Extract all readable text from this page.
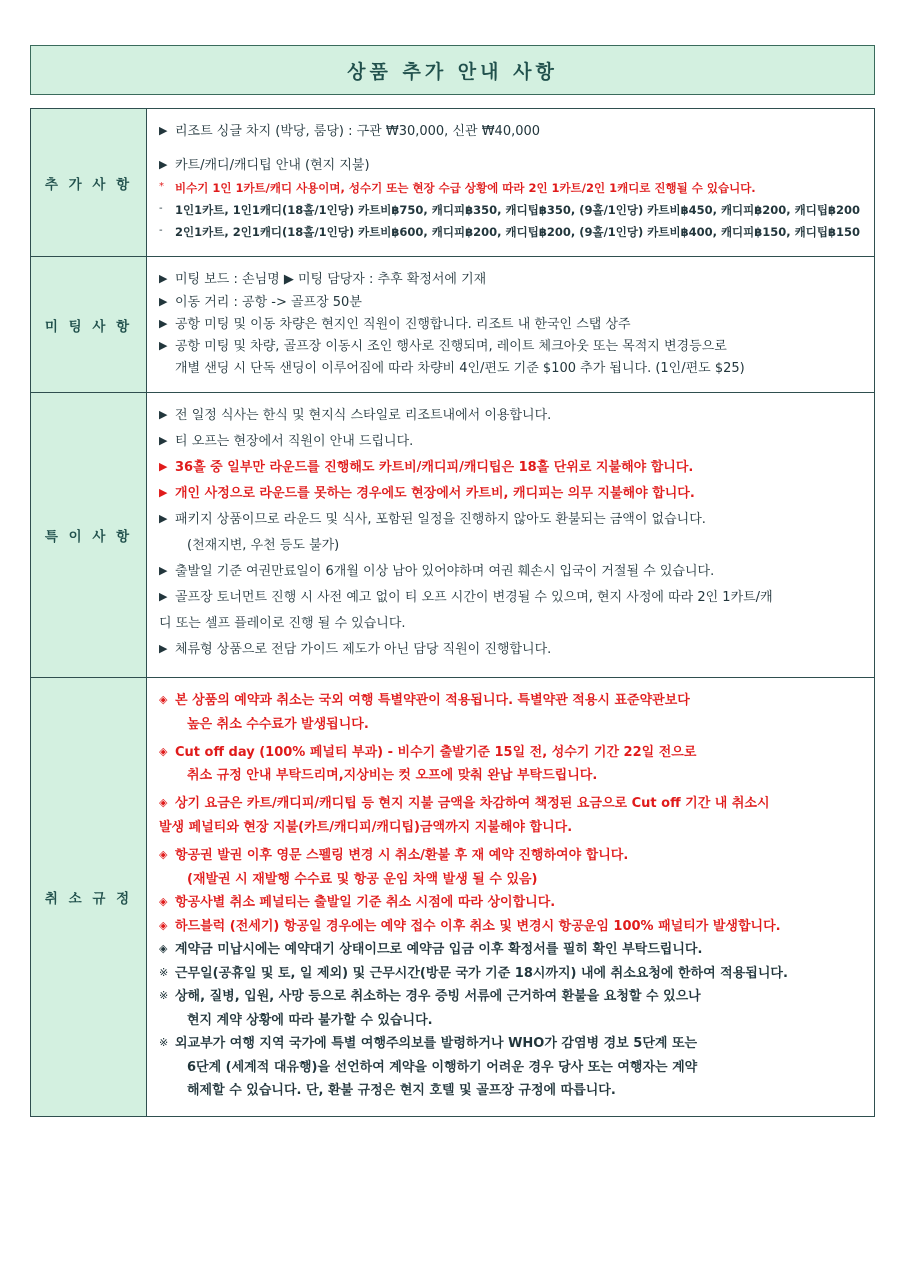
상품 추가 안내 사항
추 가 사 항
▶ 리조트 싱글 차지 (박당, 룸당) : 구관 ₩30,000, 신관 ₩40,000
▶ 카트/캐디/캐디팁 안내 (현지 지불)
* 비수기 1인 1카트/캐디 사용이며, 성수기 또는 현장 수급 상황에 따라 2인 1카트/2인 1캐디로 진행될 수 있습니다.
-	1인1카트, 1인1캐디(18홀/1인당) 카트비฿750, 캐디피฿350, 캐디팁฿350, (9홀/1인당) 카트비฿450, 캐디피฿200, 캐디팁฿200
-	2인1카트, 2인1캐디(18홀/1인당) 카트비฿600, 캐디피฿200, 캐디팁฿200, (9홀/1인당) 카트비฿400, 캐디피฿150, 캐디팁฿150
미 팅 사 항
▶ 미팅 보드 : 손님명 ▶ 미팅 담당자 : 추후 확정서에 기재
▶ 이동 거리 : 공항 -> 골프장 50분
▶ 공항 미팅 및 이동 차량은 현지인 직원이 진행합니다. 리조트 내 한국인 스탭 상주
▶ 공항 미팅 및 차량, 골프장 이동시 조인 행사로 진행되며, 레이트 체크아웃 또는 목적지 변경등으로
개별 샌딩 시 단독 샌딩이 이루어짐에 따라 차량비 4인/편도 기준 $100 추가 됩니다. (1인/편도 $25)
특 이 사 항
▶ 전 일정 식사는 한식 및 현지식 스타일로 리조트내에서 이용합니다.
▶ 티 오프는 현장에서 직원이 안내 드립니다.
▶ 36홀 중 일부만 라운드를 진행해도 카트비/캐디피/캐디팁은 18홀 단위로 지불해야 합니다.
▶ 개인 사정으로 라운드를 못하는 경우에도 현장에서 카트비, 캐디피는 의무 지불해야 합니다.
▶ 패키지 상품이므로 라운드 및 식사, 포함된 일정을 진행하지 않아도 환불되는 금액이 없습니다.
(천재지변, 우천 등도 불가)
▶ 출발일 기준 여권만료일이 6개월 이상 남아 있어야하며 여권 훼손시 입국이 거절될 수 있습니다.
▶ 골프장 토너먼트 진행 시 사전 예고 없이 티 오프 시간이 변경될 수 있으며, 현지 사정에 따라 2인 1카트/캐
디 또는 셀프 플레이로 진행 될 수 있습니다.
▶ 체류형 상품으로 전담 가이드 제도가 아닌 담당 직원이 진행합니다.
취 소 규 정
◈ 본 상품의 예약과 취소는 국외 여행 특별약관이 적용됩니다. 특별약관 적용시 표준약관보다
높은 취소 수수료가 발생됩니다.
◈ Cut off day (100% 페널티 부과) - 비수기 출발기준 15일 전, 성수기 기간 22일 전으로
취소 규정 안내 부탁드리며,지상비는 컷 오프에 맞춰 완납 부탁드립니다.
◈ 상기 요금은 카트/캐디피/캐디팁 등 현지 지불 금액을 차감하여 책정된 요금으로 Cut off 기간 내 취소시
발생 페널티와 현장 지불(카트/캐디피/캐디팁)금액까지 지불해야 합니다.
◈ 항공권 발권 이후 영문 스펠링 변경 시 취소/환불 후 재 예약 진행하여야 합니다.
(재발권 시 재발행 수수료 및 항공 운임 차액 발생 될 수 있음)
◈ 항공사별 취소 페널티는 출발일 기준 취소 시점에 따라 상이합니다.
◈ 하드블럭 (전세기) 항공일 경우에는 예약 접수 이후 취소 및 변경시 항공운임 100% 패널티가 발생합니다.
◈ 계약금 미납시에는 예약대기 상태이므로 예약금 입금 이후 확정서를 필히 확인 부탁드립니다.
※ 근무일(공휴일 및 토, 일 제외) 및 근무시간(방문 국가 기준 18시까지) 내에 취소요청에 한하여 적용됩니다.
※ 상해, 질병, 입원, 사망 등으로 취소하는 경우 증빙 서류에 근거하여 환불을 요청할 수 있으나
현지 계약 상황에 따라 불가할 수 있습니다.
※ 외교부가 여행 지역 국가에 특별 여행주의보를 발령하거나 WHO가 감염병 경보 5단계 또는
6단계 (세계적 대유행)을 선언하여 계약을 이행하기 어려운 경우 당사 또는 여행자는 계약
해제할 수 있습니다. 단, 환불 규정은 현지 호텔 및 골프장 규정에 따릅니다.
